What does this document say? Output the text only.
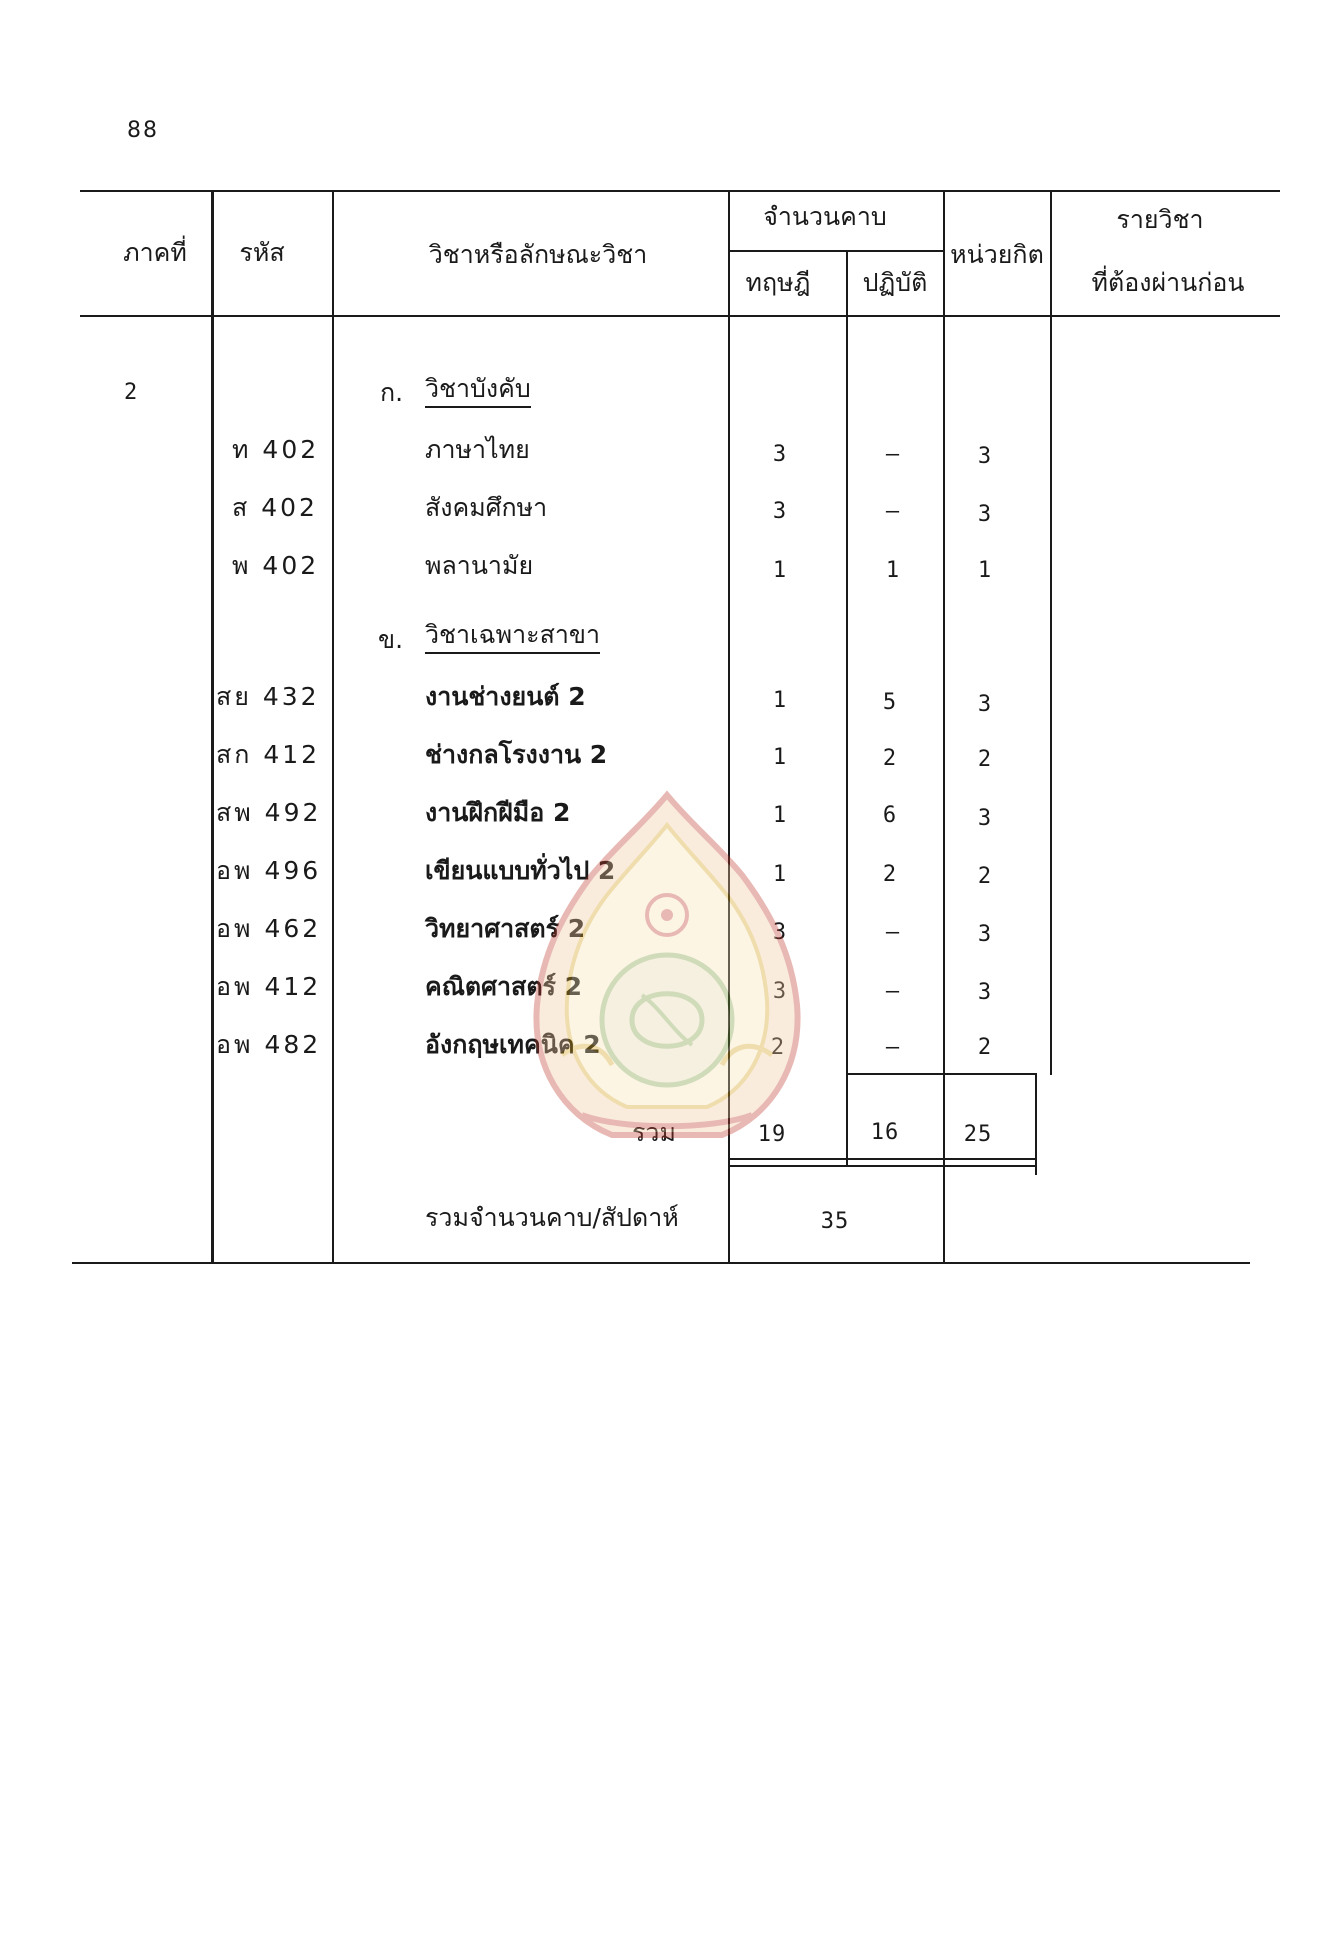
88
ภาคที่ รหัส	วิชาหรือลักษณะวิชา
จำนวนคาบ
ทฤษฎี ปฏิบัติ
หน่วยกิต
รายวิชา
ที่ต้องผ่านก่อน
2	ก. วิชาบังคับ
ท 402	ภาษาไทย	3	–	3
ส 402	สังคมศึกษา	3	–	3
พ 402	พลานามัย	1	1	1
ข. วิชาเฉพาะสาขา
สย 432	งานช่างยนต์ 2	1	5	3
สก 412	ช่างกลโรงงาน 2	1	2	2
สพ 492	งานฝึกฝีมือ 2	1	6	3
อพ 496	เขียนแบบทั่วไป 2	1	2	2
อพ 462	วิทยาศาสตร์ 2	3	–	3
อพ 412	คณิตศาสตร์ 2	3	–	3
อพ 482	อังกฤษเทคนิค 2	2	–	2
รวม	19	16	25
รวมจำนวนคาบ/สัปดาห์	35
